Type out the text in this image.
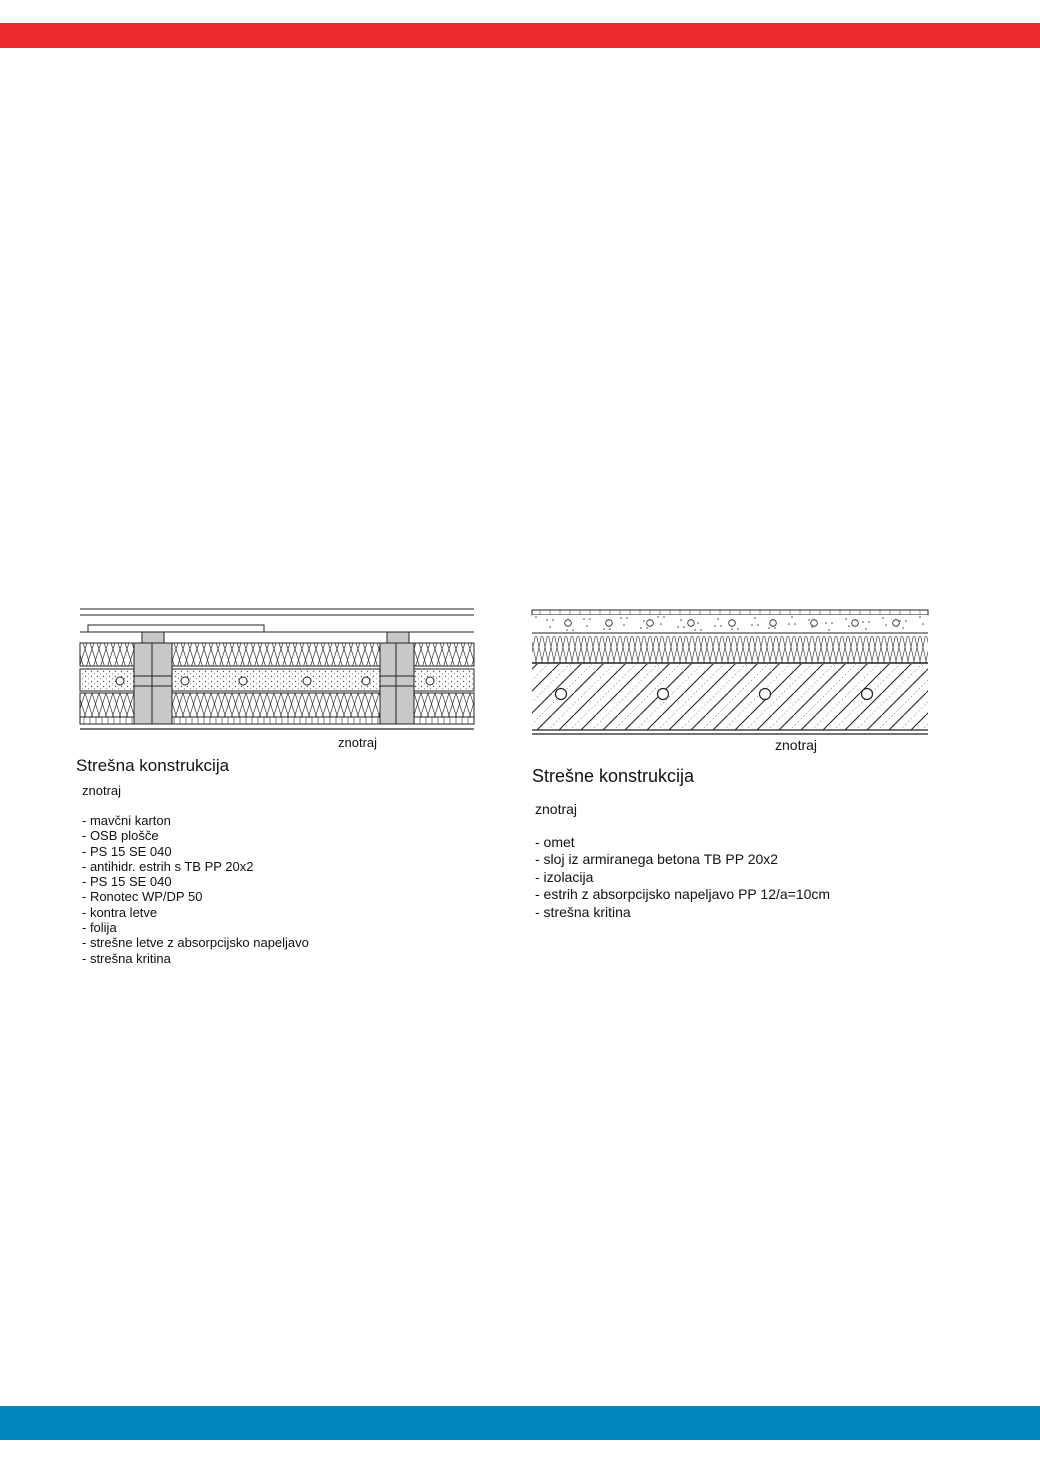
znotraj
Strešna konstrukcija
znotraj
- mavčni karton
- OSB plošče
- PS 15 SE 040
- antihidr. estrih s TB PP 20x2
- PS 15 SE 040
- Ronotec WP/DP 50
- kontra letve
- folija
- strešne letve z absorpcijsko napeljavo
- strešna kritina
znotraj
Strešne konstrukcija
znotraj
- omet
- sloj iz armiranega betona TB PP 20x2
- izolacija
- estrih z absorpcijsko napeljavo PP 12/a=10cm
- strešna kritina
